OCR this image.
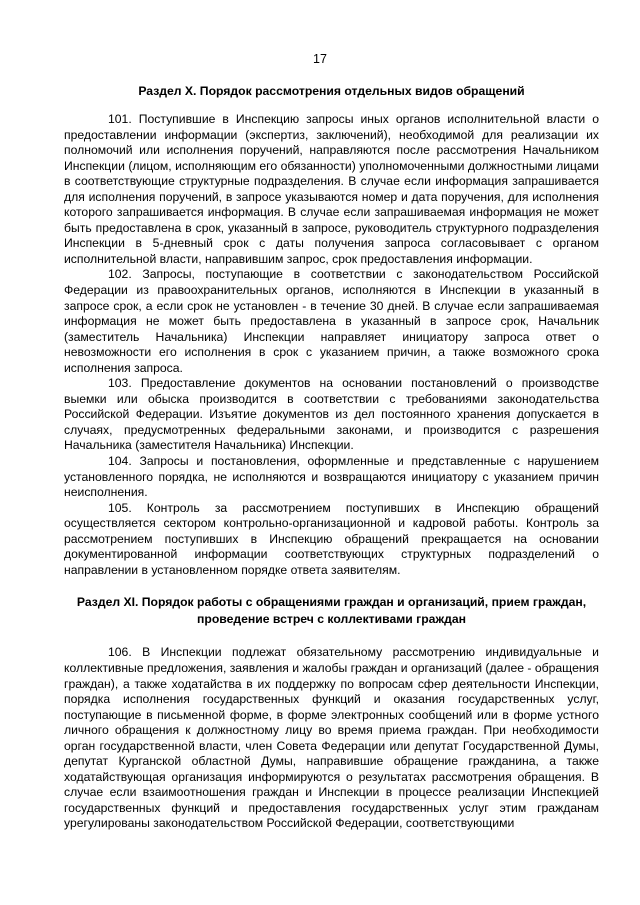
17
Раздел X. Порядок рассмотрения отдельных видов обращений

101. Поступившие в Инспекцию запросы иных органов исполнительной власти о предоставлении информации (экспертиз, заключений), необходимой для реализации их полномочий или исполнения поручений, направляются после рассмотрения Начальником Инспекции (лицом, исполняющим его обязанности) уполномоченными должностными лицами в соответствующие структурные подразделения. В случае если информация запрашивается для исполнения поручений, в запросе указываются номер и дата поручения, для исполнения которого запрашивается информация. В случае если запрашиваемая информация не может быть предоставлена в срок, указанный в запросе, руководитель структурного подразделения Инспекции в 5-дневный срок с даты получения запроса согласовывает с органом исполнительной власти, направившим запрос, срок предоставления информации.

102. Запросы, поступающие в соответствии с законодательством Российской Федерации из правоохранительных органов, исполняются в Инспекции в указанный в запросе срок, а если срок не установлен - в течение 30 дней. В случае если запрашиваемая информация не может быть предоставлена в указанный в запросе срок, Начальник (заместитель Начальника) Инспекции направляет инициатору запроса ответ о невозможности его исполнения в срок с указанием причин, а также возможного срока исполнения запроса.

103. Предоставление документов на основании постановлений о производстве выемки или обыска производится в соответствии с требованиями законодательства Российской Федерации. Изъятие документов из дел постоянного хранения допускается в случаях, предусмотренных федеральными законами, и производится с разрешения Начальника (заместителя Начальника) Инспекции.

104. Запросы и постановления, оформленные и представленные с нарушением установленного порядка, не исполняются и возвращаются инициатору с указанием причин неисполнения.

105. Контроль за рассмотрением поступивших в Инспекцию обращений осуществляется сектором контрольно-организационной и кадровой работы. Контроль за рассмотрением поступивших в Инспекцию обращений прекращается на основании документированной информации соответствующих структурных подразделений о направлении в установленном порядке ответа заявителям.

Раздел XI. Порядок работы с обращениями граждан и организаций, прием граждан, проведение встреч с коллективами граждан

106. В Инспекции подлежат обязательному рассмотрению индивидуальные и коллективные предложения, заявления и жалобы граждан и организаций (далее - обращения граждан), а также ходатайства в их поддержку по вопросам сфер деятельности Инспекции, порядка исполнения государственных функций и оказания государственных услуг, поступающие в письменной форме, в форме электронных сообщений или в форме устного личного обращения к должностному лицу во время приема граждан. При необходимости орган государственной власти, член Совета Федерации или депутат Государственной Думы, депутат Курганской областной Думы, направившие обращение гражданина, а также ходатайствующая организация информируются о результатах рассмотрения обращения. В случае если взаимоотношения граждан и Инспекции в процессе реализации Инспекцией государственных функций и предоставления государственных услуг этим гражданам урегулированы законодательством Российской Федерации, соответствующими
